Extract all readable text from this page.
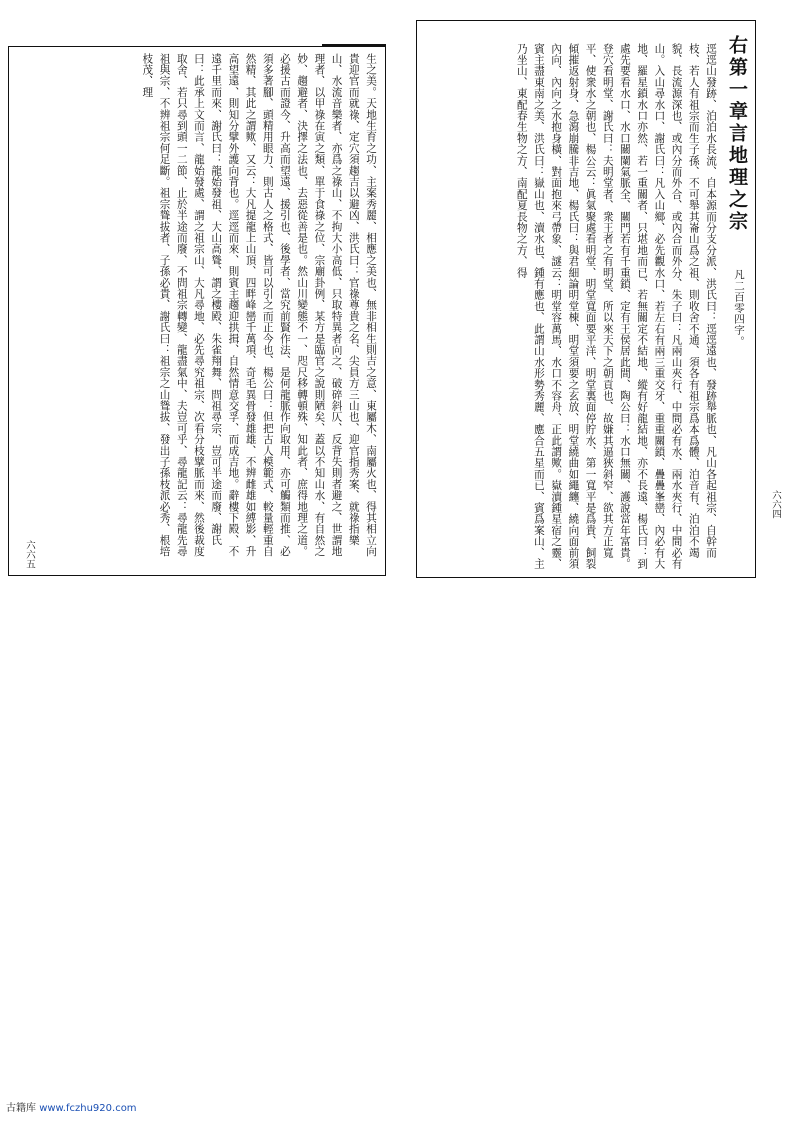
生之美。天地生育之功、主案秀麗、相應之美也、無非相生則吉之意、東屬木、南屬火也、得其相立向貴迎官而就祿、定穴須趨吉以避凶、洪氏曰：官祿尊貴之名、尖員方三山也、迎官指秀案、就祿指樂山、水流音樂者、亦爲之祿山、不拘大小高低、只取特異者向之、破碎斜仄、反背失則者避之、世謂地理者、以甲祿在寅之類、單于食祿之位、宗廟卦例、某方是臨官之說則陋矣、蓋以不知山水、有自然之妙、趨避者、決擇之法也、去惡從善是也。然山川變態不一、咫尺移轉頓殊、知此者、庶得地理之道。必援古而證今、升高而望遠、援引也、後學者、當究前賢作法、是何龍脈作向取用、亦可觸類而推、必須多著腳、頭精用眼力、則古人之格式、皆可以引之而正今也、楊公曰：但把古人模範式、較量輕重自然精、其此之謂歟、又云：大凡提龍上山頂、四畔峰巒千萬項、奇毛異骨發雄雄、不辨雌雄如縛影、升高望遠、則知分擘外護向背也。逕逕而來、則賓主趨迎拱揖、自然情意交孚、而成吉地。辭樓下殿、不遠千里而來、謝氏曰：龍始發祖、大山高聳、謂之樓殿、朱雀翔舞、問祖尋宗、豈可半途而廢、謝氏曰：此承上文而言、龍始發處、謂之祖宗山、大凡尋地、必先尋究祖宗、次看分枝擘脈而來、然後裁度取舍、若只尋到頭一二節、止於半途而廢、不問祖宗轉變、龍盡氣中、夫豈可乎、尋龍記云：尋龍先尋祖與宗、不辨祖宗何足斷。祖宗聳拔者、子孫必貴、謝氏曰：祖宗之山聳拔、發出子孫枝派必秀、根培枝茂、理
六六五
右第一章言地理之宗
凡二百零四字。
逕逕山發跡、泊泊水長流、自本源而分支分派、洪氏曰：逕逕遠也、發跡舉脈也、凡山各起祖宗、自幹而枝、若人有祖宗而生子孫、不可舉其崙山爲之祖、則收舍不通、須各有祖宗爲本爲體、泊音有、泊泊不竭貌、長流源深也、或內分而外合、或內合而外分、朱子曰：凡兩山夾行、中間必有水、兩水夾行、中間必有山。入山尋水口、謝氏曰：凡入山鄉、必先觀水口、若左右有兩三重交牙、重重關鎖、疊疊峯巒、內必有大地、羅星鎖水口亦然、若一重關者、只堪地而已、若無關定不結地、縱有好龍結地、亦不長遠、楊氏曰：到處先要看水口、水口關闌氣脈全、關門若有千重鎖、定有王侯居此間、陶公曰：水口無關、護說當年富貴。登穴看明堂、謝氏曰：夫明堂者、衆王者之有明堂、所以來天下之朝貢也、故嫌其逼狹斜窄、欲其方正寬平、使衆水之朝也、楊公云：眞氣聚處看明堂、明堂寬面要平洋、明堂裏面停貯水、第一寬平是爲貴、飼裂傾摧返射身、急瀉崩騰非吉地、楊氏曰：與君細論明堂棟、明堂須要之玄放、明堂繞曲如繩纏、繞向面前須內向、內向之水抱身橫、對面抱來弓帶象、謎云：明堂容萬馬、水口不容舟、正此謂歟。嶽瀆鍾星宿之靈、賓主盡東南之美、洪氏曰：嶽山也、瀆水也、鍾有應也、此謂山水形勢秀麗、應合五星而已、賓爲案山、主乃坐山、東配春生物之方、南配夏長物之方、得
六六四
古籍库 www.fczhu920.com
